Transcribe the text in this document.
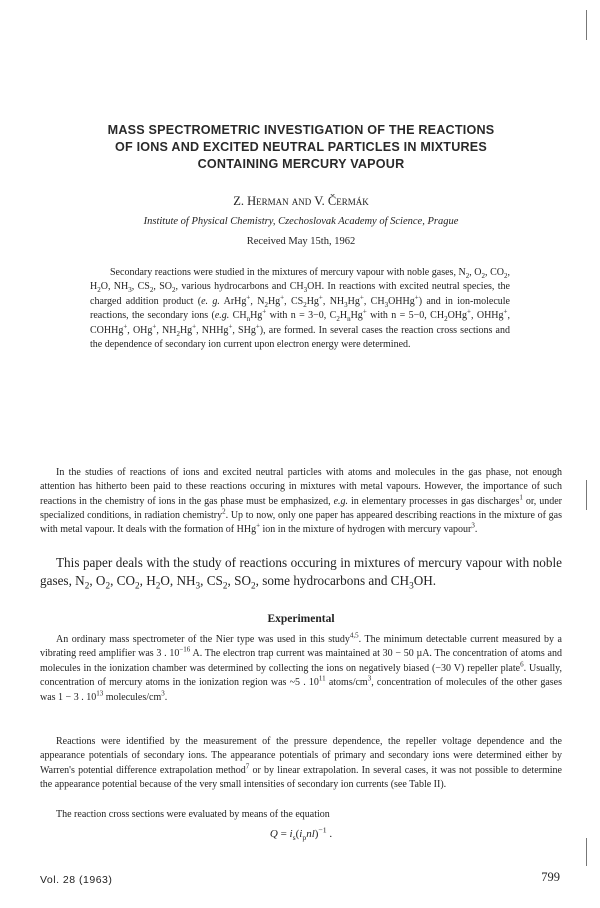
MASS SPECTROMETRIC INVESTIGATION OF THE REACTIONS
OF IONS AND EXCITED NEUTRAL PARTICLES IN MIXTURES
CONTAINING MERCURY VAPOUR
Z. Herman and V. Čermák
Institute of Physical Chemistry, Czechoslovak Academy of Science, Prague
Received May 15th, 1962
Secondary reactions were studied in the mixtures of mercury vapour with noble gases, $N_2$, $O_2$, $CO_2$, $H_2O$, $NH_3$, $CS_2$, $SO_2$, various hydrocarbons and $CH_3OH$. In reactions with excited neutral species, the charged addition product (e. g. ArHg+, $N_2Hg^+$, $CS_2Hg^+$, $NH_3Hg^+$, $CH_3OHHg^+$) and in ion-molecule reactions, the secondary ions (e.g. $CH_nHg^+$ with n = 3−0, $C_2H_nHg^+$ with n = 5−0, $CH_2OHg^+$, OHHg+, COHHg+, OHg+, $NH_2Hg^+$, NHHg+, SHg+), are formed. In several cases the reaction cross sections and the dependence of secondary ion current upon electron energy were determined.
In the studies of reactions of ions and excited neutral particles with atoms and molecules in the gas phase, not enough attention has hitherto been paid to these reactions occuring in mixtures with metal vapours. However, the importance of such reactions in the chemistry of ions in the gas phase must be emphasized, e.g. in elementary processes in gas discharges$^1$ or, under specialized conditions, in radiation chemistry$^2$. Up to now, only one paper has appeared describing reactions in the mixture of gas with metal vapour. It deals with the formation of HHg+ ion in the mixture of hydrogen with mercury vapour$^3$.
This paper deals with the study of reactions occuring in mixtures of mercury vapour with noble gases, $N_2$, $O_2$, $CO_2$, $H_2O$, $NH_3$, $CS_2$, $SO_2$, some hydrocarbons and $CH_3OH$.
Experimental
An ordinary mass spectrometer of the Nier type was used in this study$^{4,5}$. The minimum detectable current measured by a vibrating reed amplifier was 3 . $10^{-16}$ A. The electron trap current was maintained at 30 − 50 µA. The concentration of atoms and molecules in the ionization chamber was determined by collecting the ions on negatively biased (−30 V) repeller plate$^6$. Usually, concentration of mercury atoms in the ionization region was ~5 . $10^{11}$ atoms/$cm^3$, concentration of molecules of the other gases was 1 − 3 . $10^{13}$ molecules/$cm^3$.
Reactions were identified by the measurement of the pressure dependence, the repeller voltage dependence and the appearance potentials of secondary ions. The appearance potentials of primary and secondary ions were determined either by Warren's potential difference extrapolation method$^7$ or by linear extrapolation. In several cases, it was not possible to determine the appearance potential because of the very small intensities of secondary ion currents (see Table II).
The reaction cross sections were evaluated by means of the equation
$Q = i_s(i_pnl)^{-1}$ .
Vol. 28 (1963)	799
